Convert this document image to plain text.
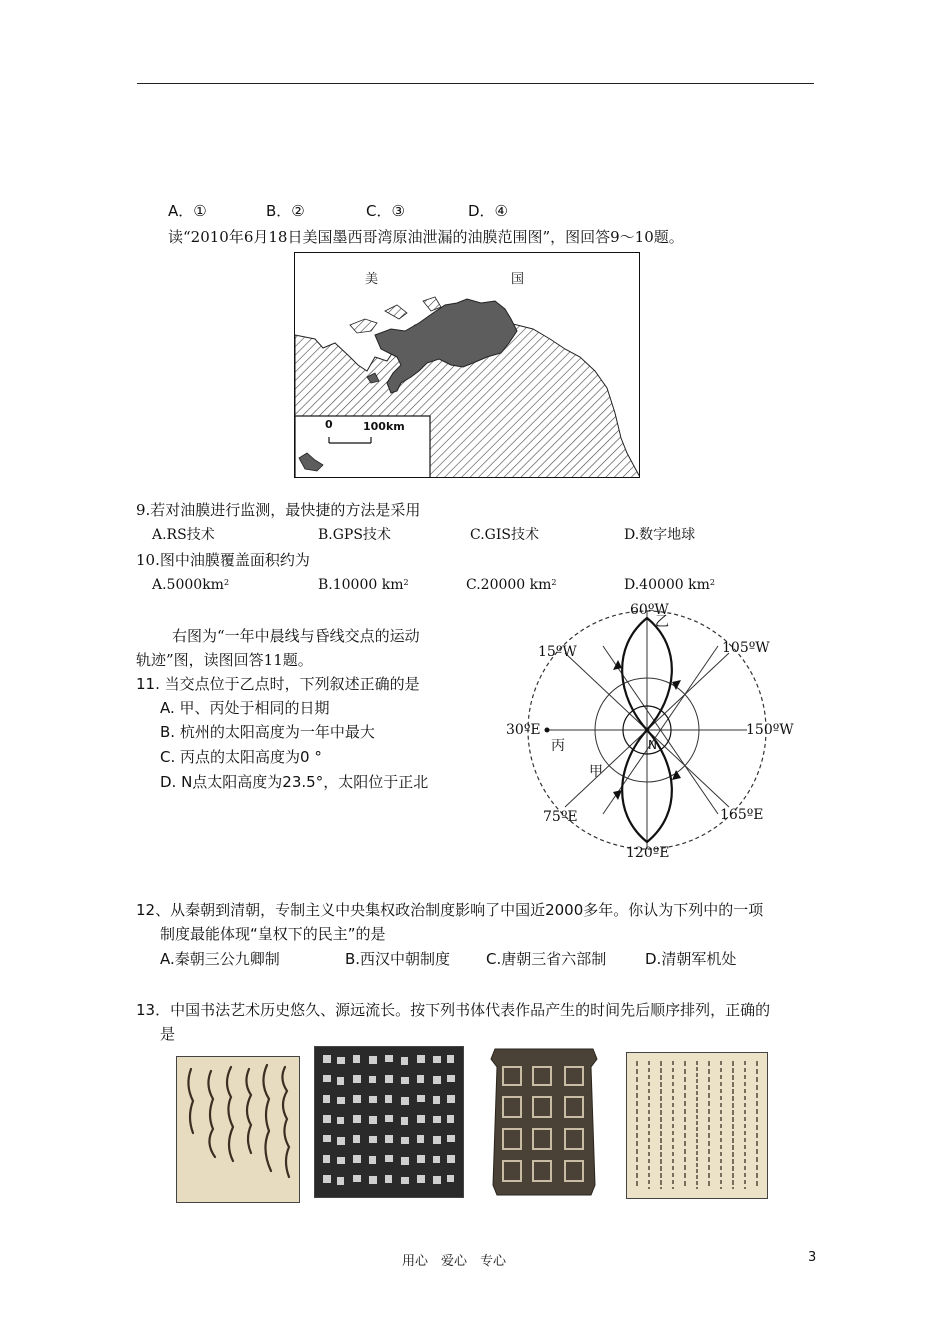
A．①	B．②	C．③	D．④
读“2010年6月18日美国墨西哥湾原油泄漏的油膜范围图”，图回答9～10题。
美	国
0	100km
9.若对油膜进行监测，最快捷的方法是采用
A.RS技术	B.GPS技术	C.GIS技术	D.数字地球
10.图中油膜覆盖面积约为
$A.5000km^2$	B.10000 $km^2$	C.20000 $km^2$	D.40000 $km^2$
右图为“一年中晨线与昏线交点的运动
轨迹”图，读图回答11题。
11. 当交点位于乙点时，下列叙述正确的是
A. 甲、丙处于相同的日期
B. 杭州的太阳高度为一年中最大
C. 丙点的太阳高度为0 °
D. N点太阳高度为23.5°，太阳位于正北
60ºW
15ºW	105ºW
30ºE	150ºW
75ºE	165ºE
120ºE
乙
丙
甲
N
12、从秦朝到清朝，专制主义中央集权政治制度影响了中国近2000多年。你认为下列中的一项
制度最能体现“皇权下的民主”的是
A.秦朝三公九卿制	B.西汉中朝制度 C.唐朝三省六部制	D.清朝军机处
13．中国书法艺术历史悠久、源远流长。按下列书体代表作品产生的时间先后顺序排列，正确的
是
用心　爱心　专心	3
